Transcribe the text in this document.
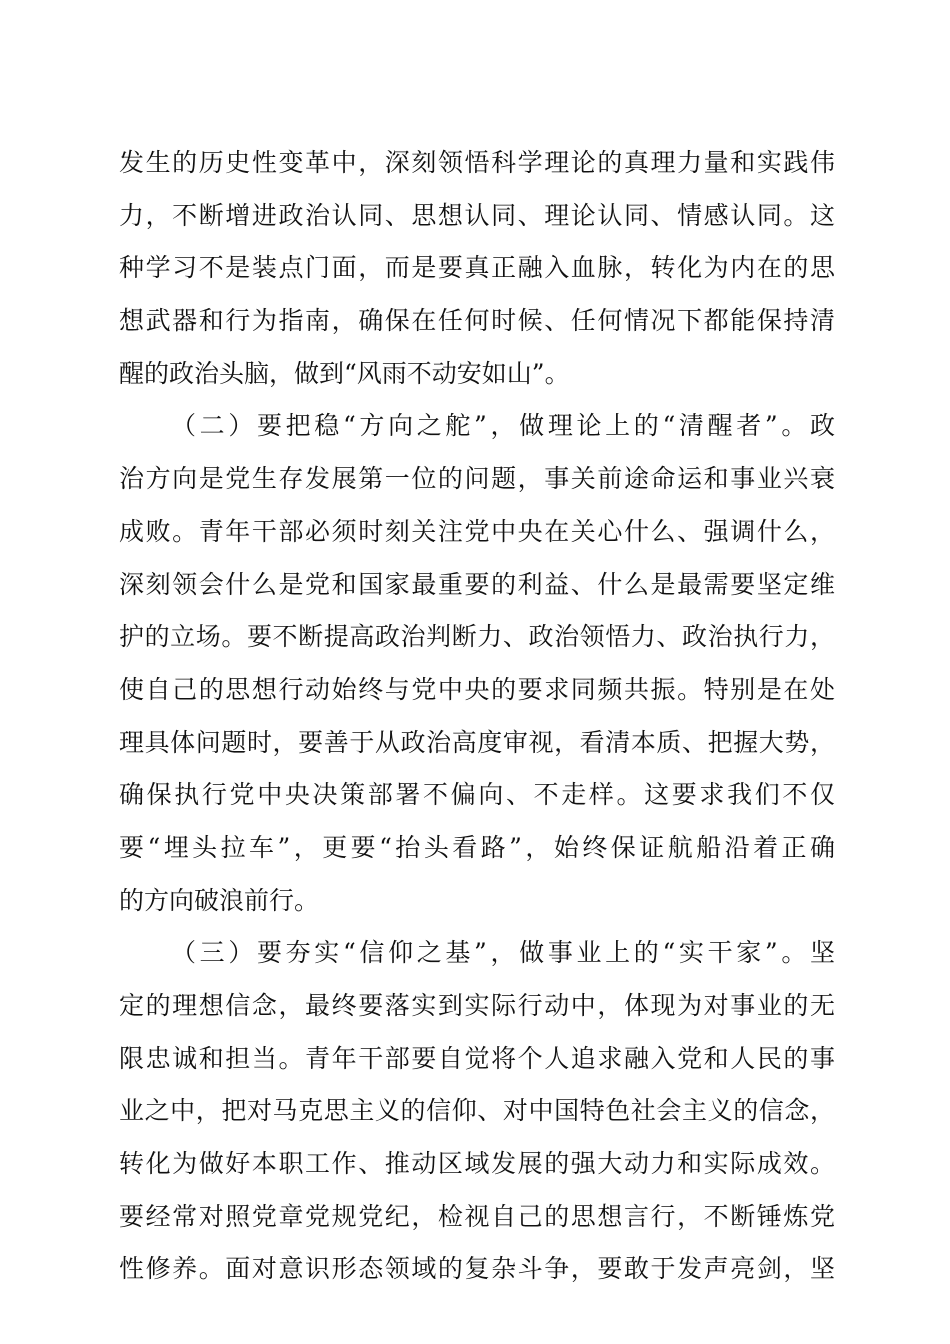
发生的历史性变革中，深刻领悟科学理论的真理力量和实践伟
力，不断增进政治认同、思想认同、理论认同、情感认同。这
种学习不是装点门面，而是要真正融入血脉，转化为内在的思
想武器和行为指南，确保在任何时候、任何情况下都能保持清
醒的政治头脑，做到“风雨不动安如山”。
（二）要把稳“方向之舵”，做理论上的“清醒者”。政
治方向是党生存发展第一位的问题，事关前途命运和事业兴衰
成败。青年干部必须时刻关注党中央在关心什么、强调什么，
深刻领会什么是党和国家最重要的利益、什么是最需要坚定维
护的立场。要不断提高政治判断力、政治领悟力、政治执行力，
使自己的思想行动始终与党中央的要求同频共振。特别是在处
理具体问题时，要善于从政治高度审视，看清本质、把握大势，
确保执行党中央决策部署不偏向、不走样。这要求我们不仅
要“埋头拉车”，更要“抬头看路”，始终保证航船沿着正确
的方向破浪前行。
（三）要夯实“信仰之基”，做事业上的“实干家”。坚
定的理想信念，最终要落实到实际行动中，体现为对事业的无
限忠诚和担当。青年干部要自觉将个人追求融入党和人民的事
业之中，把对马克思主义的信仰、对中国特色社会主义的信念，
转化为做好本职工作、推动区域发展的强大动力和实际成效。
要经常对照党章党规党纪，检视自己的思想言行，不断锤炼党
性修养。面对意识形态领域的复杂斗争，要敢于发声亮剑，坚
